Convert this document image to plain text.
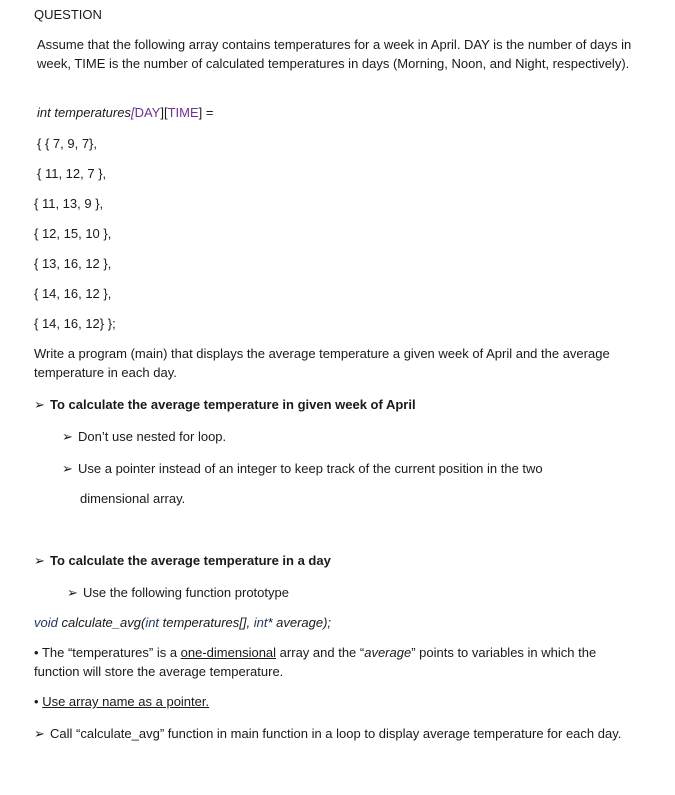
QUESTION
Assume that the following array contains temperatures for a week in April. DAY is the number of days in week, TIME is the number of calculated temperatures in days (Morning, Noon, and Night, respectively).
int temperatures[DAY][TIME] =
{ { 7, 9, 7},
{ 11, 12, 7 },
{ 11, 13, 9 },
{ 12, 15, 10 },
{ 13, 16, 12 },
{ 14, 16, 12 },
{ 14, 16, 12} };
Write a program (main) that displays the average temperature a given week of April and the average temperature in each day.
➢ To calculate the average temperature in given week of April
➢ Don’t use nested for loop.
➢ Use a pointer instead of an integer to keep track of the current position in the two
dimensional array.
➢ To calculate the average temperature in a day
➢ Use the following function prototype
void calculate_avg(int temperatures[], int* average);
• The “temperatures” is a one-dimensional array and the “average” points to variables in which the function will store the average temperature.
• Use array name as a pointer.
➢ Call “calculate_avg” function in main function in a loop to display average temperature for each day.
